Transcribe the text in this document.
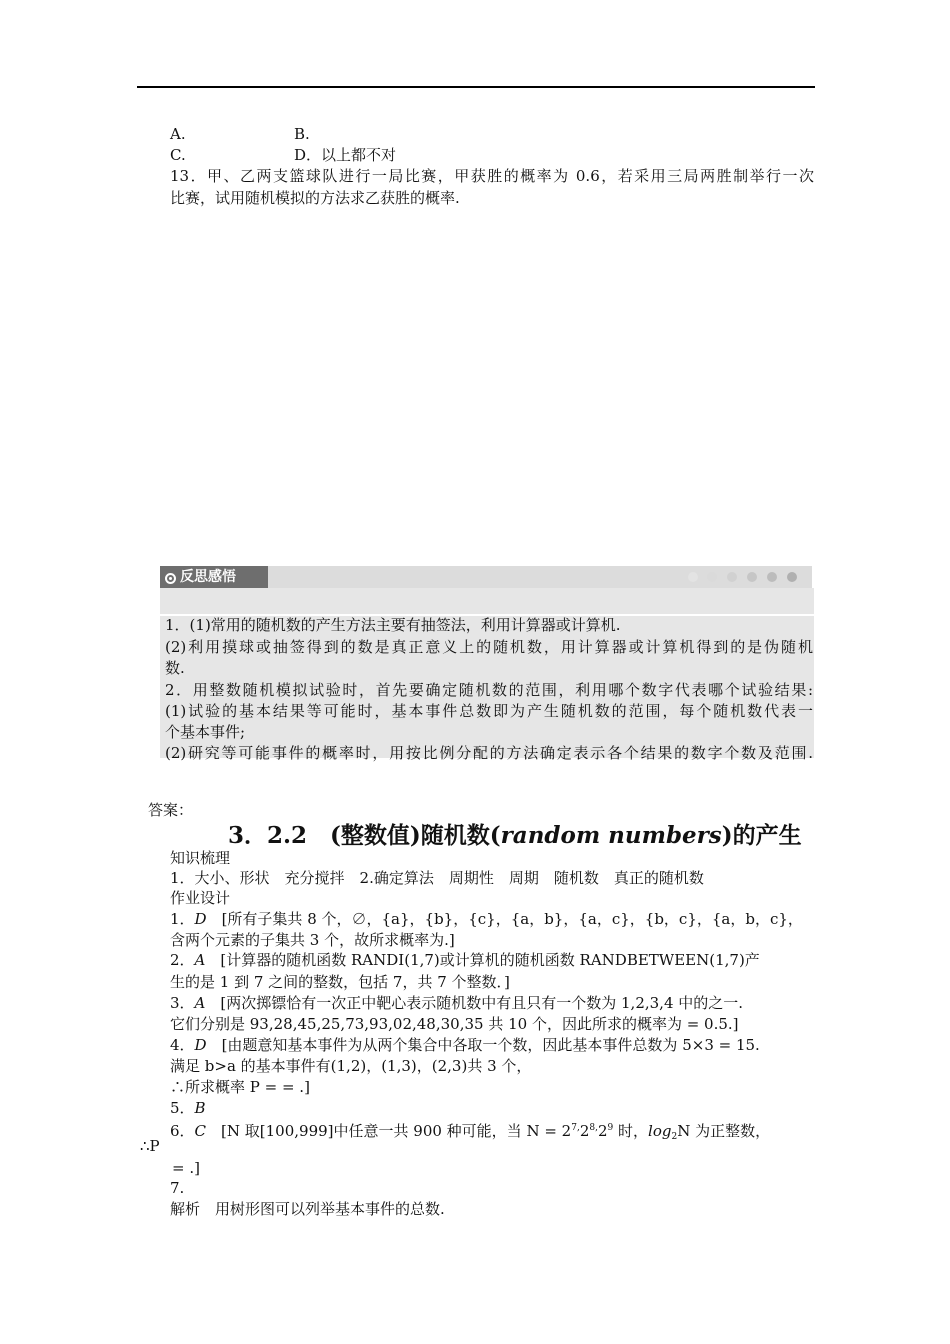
A.	B.
C.	D．以上都不对
13．甲、乙两支篮球队进行一局比赛，甲获胜的概率为 0.6，若采用三局两胜制举行一次
比赛，试用随机模拟的方法求乙获胜的概率.
反思感悟
(2)利用摸球或抽签得到的数是真正意义上的随机数，用计算器或计算机得到的是伪随机
数.
2．用整数随机模拟试验时，首先要确定随机数的范围，利用哪个数字代表哪个试验结果:
(1)试验的基本结果等可能时，基本事件总数即为产生随机数的范围，每个随机数代表一
个基本事件;
(2)研究等可能事件的概率时，用按比例分配的方法确定表示各个结果的数字个数及范围.
答案：
3．2.2　(整数值)随机数(random numbers)的产生
知识梳理
1．大小、形状　充分搅拌　2.确定算法　周期性　周期　随机数　真正的随机数
作业设计
1．D　[所有子集共 8 个，∅，{a}，{b}，{c}，{a，b}，{a，c}，{b，c}，{a，b，c}，
含两个元素的子集共 3 个，故所求概率为.]
2．A　[计算器的随机函数 RANDI(1,7)或计算机的随机函数 RANDBETWEEN(1,7)产
生的是 1 到 7 之间的整数，包括 7，共 7 个整数．]
3．A　[两次掷镖恰有一次正中靶心表示随机数中有且只有一个数为 1,2,3,4 中的之一.
它们分别是 93,28,45,25,73,93,02,48,30,35 共 10 个，因此所求的概率为 = 0.5.]
4．D　[由题意知基本事件为从两个集合中各取一个数，因此基本事件总数为 5×3 = 15.
满足 b>a 的基本事件有(1,2)，(1,3)，(2,3)共 3 个，
∴所求概率 P = = .]
5．B
6．C　[N 取[100,999]中任意一共 900 种可能，当 $N = 2^{7,}2^{8,}2^9$ 时，$\log_2N$ 为正整数，
∴P
= .]
7.
解析　用树形图可以列举基本事件的总数.
